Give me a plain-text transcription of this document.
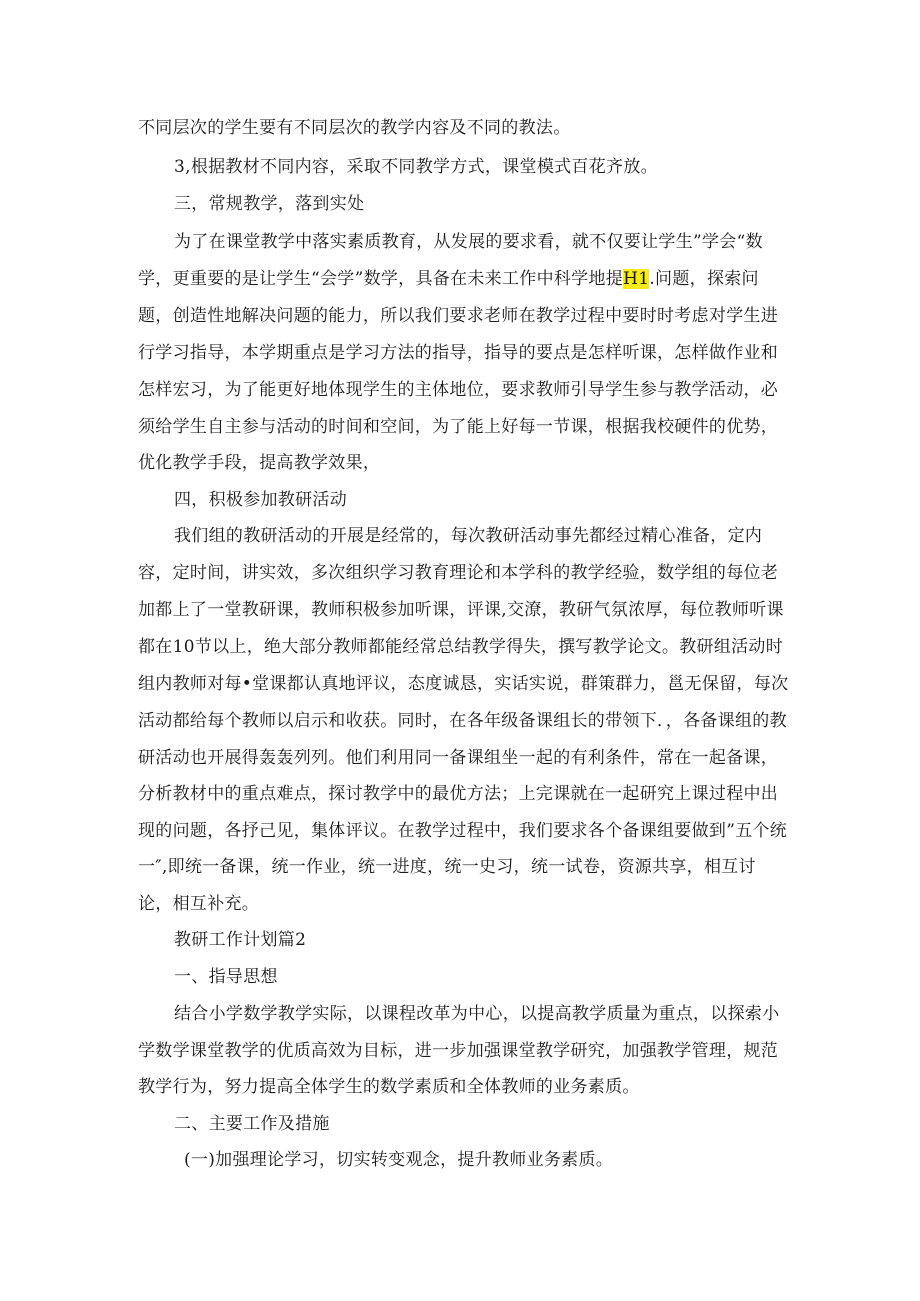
不同层次的学生要有不同层次的教学内容及不同的教法。
3,根据教材不同内容，采取不同教学方式，课堂模式百花齐放。
三，常规教学，落到实处
为了在课堂教学中落实素质教育，从发展的要求看，就不仅要让学生”学会“数
学，更重要的是让学生“会学”数学，具备在未来工作中科学地提H1.问题，探索问
题，创造性地解决问题的能力，所以我们要求老师在教学过程中要时时考虑对学生进
行学习指导，本学期重点是学习方法的指导，指导的要点是怎样听课，怎样做作业和
怎样宏习，为了能更好地体现学生的主体地位，要求教师引导学生参与教学活动，必
须给学生自主参与活动的时间和空间，为了能上好每一节课，根据我校硬件的优势，
优化教学手段，提高教学效果，
四，积极参加教研活动
我们组的教研活动的开展是经常的，每次教研活动事先都经过精心准备，定内
容，定时间，讲实效，多次组织学习教育理论和本学科的教学经验，数学组的每位老
加都上了一堂教研课，教师积极参加听课，评课,交潦，教研气氛浓厚，每位教师听课
都在10节以上，绝大部分教师都能经常总结教学得失，撰写教学论文。教研组活动时
组内教师对每•堂课都认真地评议，态度诚恳，实话实说，群策群力，邕无保留，每次
活动都给每个教师以启示和收获。同时，在各年级备课组长的带领下．，各备课组的教
研活动也开展得轰轰列列。他们利用同一备课组坐一起的有利条件，常在一起备课，
分析教材中的重点难点，探讨教学中的最优方法；上完课就在一起研究上课过程中出
现的问题，各抒己见，集体评议。在教学过程中，我们要求各个备课组要做到”五个统
一″,即统一备课，统一作业，统一进度，统一史习，统一试卷，资源共享，相互讨
论，相互补充。
教研工作计划篇2
一、指导思想
结合小学数学教学实际，以课程改革为中心，以提高教学质量为重点，以探索小
学数学课堂教学的优质高效为目标，进一步加强课堂教学研究，加强教学管理，规范
教学行为，努力提高全体学生的数学素质和全体教师的业务素质。
二、主要工作及措施
(一)加强理论学习，切实转变观念，提升教师业务素质。
